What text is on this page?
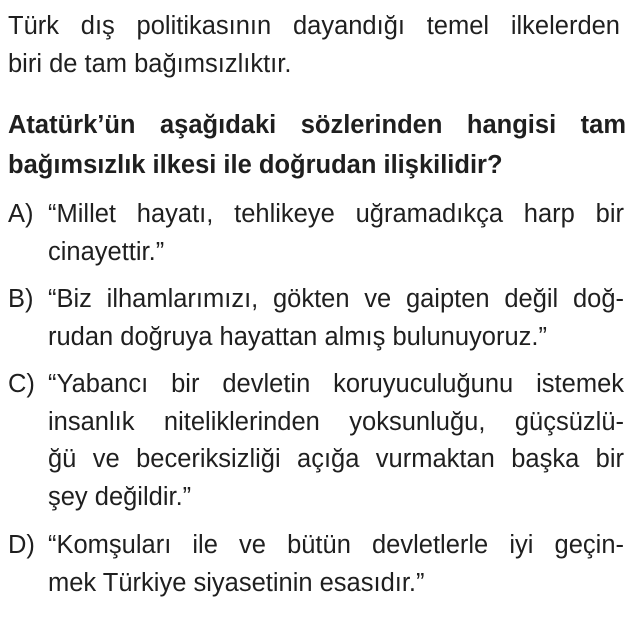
Türk dış politikasının dayandığı temel ilkelerden
biri de tam bağımsızlıktır.
Atatürk’ün aşağıdaki sözlerinden hangisi tam
bağımsızlık ilkesi ile doğrudan ilişkilidir?
A) “Millet hayatı, tehlikeye uğramadıkça harp bir
cinayettir.”
B) “Biz ilhamlarımızı, gökten ve gaipten değil doğ-
rudan doğruya hayattan almış bulunuyoruz.”
C) “Yabancı bir devletin koruyuculuğunu istemek
insanlık niteliklerinden yoksunluğu, güçsüzlü-
ğü ve beceriksizliği açığa vurmaktan başka bir
şey değildir.”
D) “Komşuları ile ve bütün devletlerle iyi geçin-
mek Türkiye siyasetinin esasıdır.”
